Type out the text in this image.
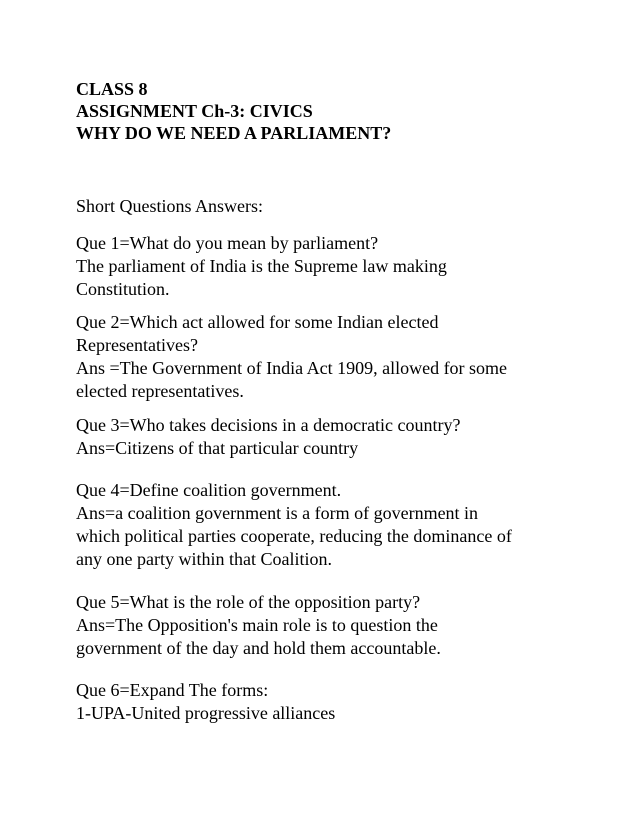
CLASS 8

ASSIGNMENT Ch-3: CIVICS

WHY DO WE NEED A PARLIAMENT?

Short Questions Answers:

Que 1=What do you mean by parliament?
The parliament of India is the Supreme law making
Constitution.
Que 2=Which act allowed for some Indian elected
Representatives?
Ans =The Government of India Act 1909, allowed for some
elected representatives.
Que 3=Who takes decisions in a democratic country?
Ans=Citizens of that particular country
Que 4=Define coalition government.
Ans=a coalition government is a form of government in
which political parties cooperate, reducing the dominance of
any one party within that Coalition.
Que 5=What is the role of the opposition party?
Ans=The Opposition's main role is to question the
government of the day and hold them accountable.
Que 6=Expand The forms:
1-UPA-United progressive alliances
